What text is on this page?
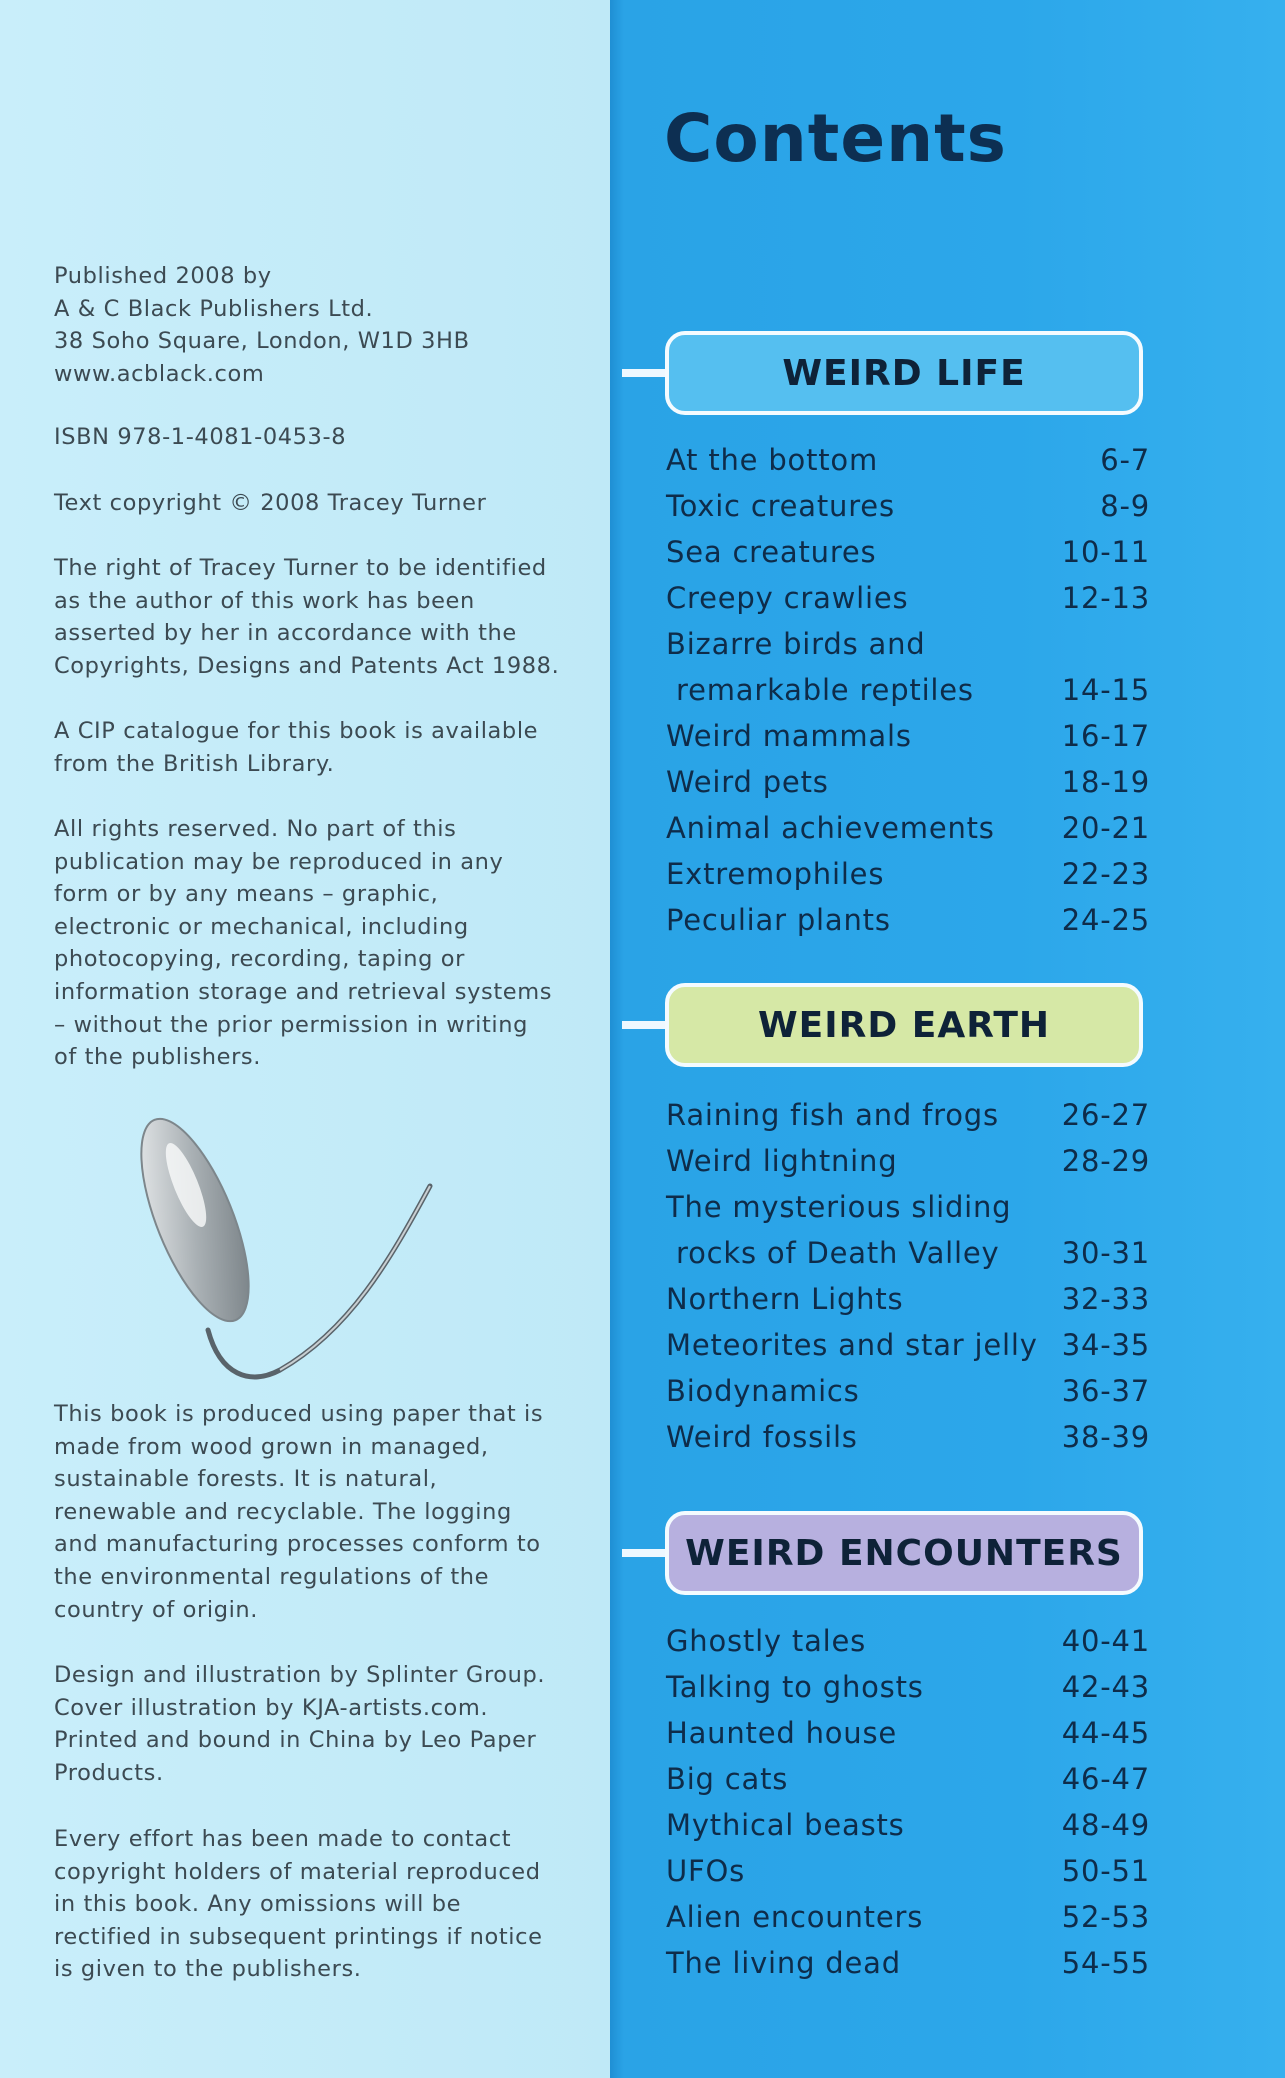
Contents
Published 2008 by
A & C Black Publishers Ltd.
38 Soho Square, London, W1D 3HB
www.acblack.com
ISBN 978-1-4081-0453-8
Text copyright © 2008 Tracey Turner
The right of Tracey Turner to be identified
as the author of this work has been
asserted by her in accordance with the
Copyrights, Designs and Patents Act 1988.
A CIP catalogue for this book is available
from the British Library.
All rights reserved. No part of this
publication may be reproduced in any
form or by any means – graphic,
electronic or mechanical, including
photocopying, recording, taping or
information storage and retrieval systems
– without the prior permission in writing
of the publishers.
This book is produced using paper that is
made from wood grown in managed,
sustainable forests. It is natural,
renewable and recyclable. The logging
and manufacturing processes conform to
the environmental regulations of the
country of origin.
Design and illustration by Splinter Group.
Cover illustration by KJA-artists.com.
Printed and bound in China by Leo Paper
Products.
Every effort has been made to contact
copyright holders of material reproduced
in this book. Any omissions will be
rectified in subsequent printings if notice
is given to the publishers.
WEIRD LIFE
At the bottom	6-7
Toxic creatures	8-9
Sea creatures	10-11
Creepy crawlies	12-13
Bizarre birds and
remarkable reptiles	14-15
Weird mammals	16-17
Weird pets	18-19
Animal achievements 20-21
Extremophiles	22-23
Peculiar plants	24-25
WEIRD EARTH
Raining fish and frogs 26-27
Weird lightning	28-29
The mysterious sliding
rocks of Death Valley 30-31
Northern Lights	32-33
Meteorites and star jelly 34-35
Biodynamics	36-37
Weird fossils	38-39
WEIRD ENCOUNTERS
Ghostly tales	40-41
Talking to ghosts	42-43
Haunted house	44-45
Big cats	46-47
Mythical beasts	48-49
UFOs	50-51
Alien encounters	52-53
The living dead	54-55
